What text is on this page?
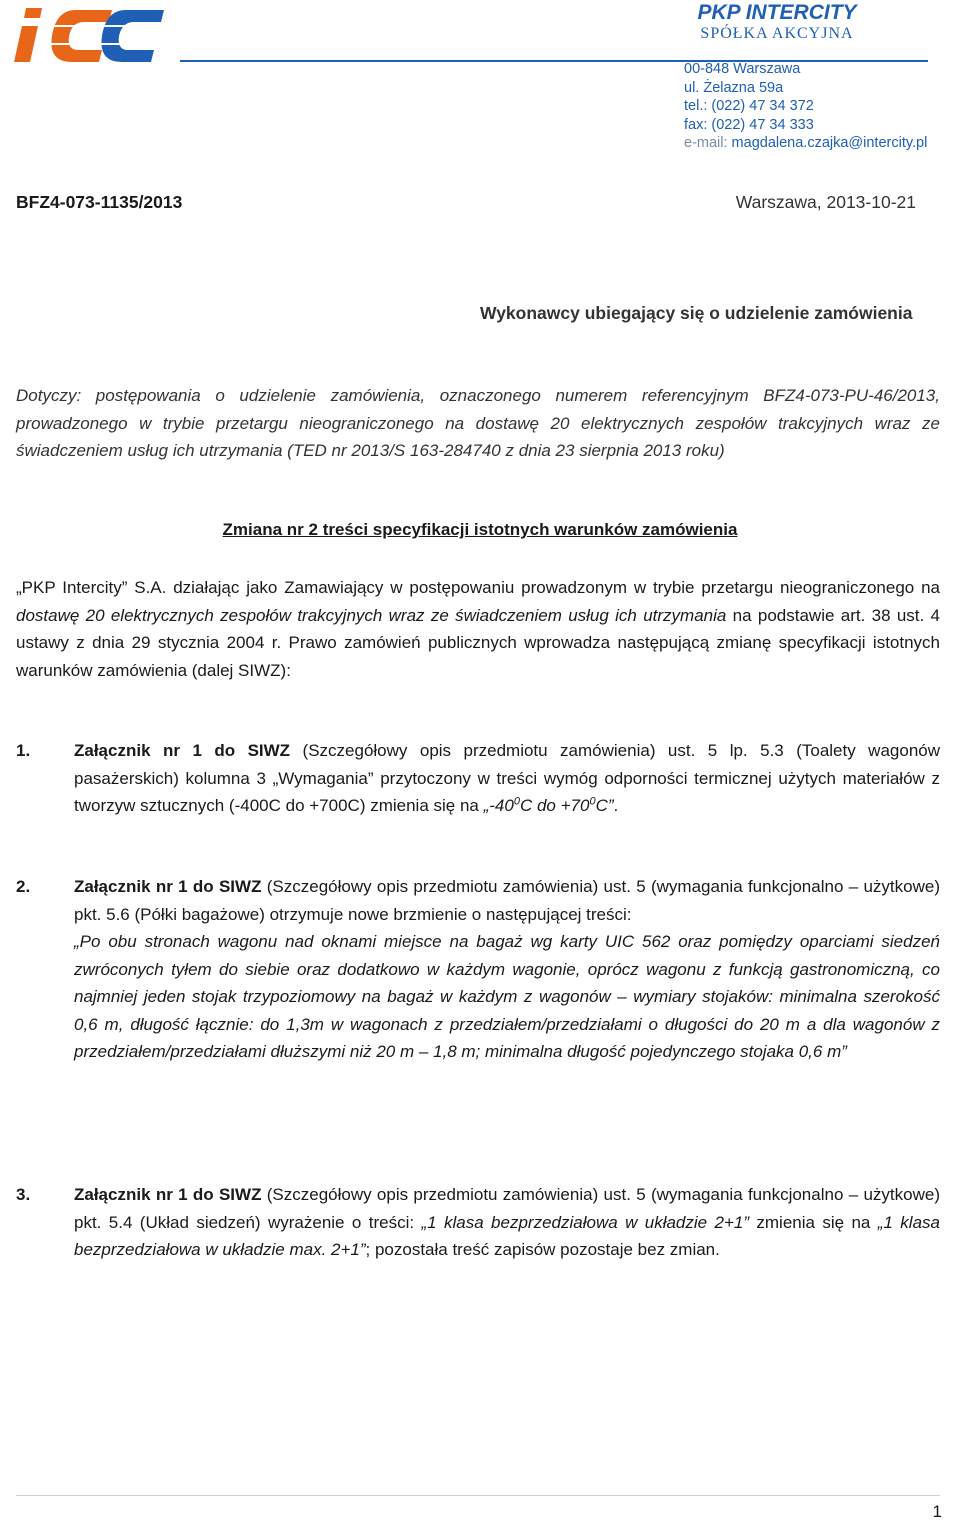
PKP INTERCITY
SPÓŁKA AKCYJNA
00-848 Warszawa
ul. Żelazna 59a
tel.: (022) 47 34 372
fax: (022) 47 34 333
e-mail: magdalena.czajka@intercity.pl
BFZ4-073-1135/2013	Warszawa, 2013-10-21
Wykonawcy ubiegający się o udzielenie zamówienia
Dotyczy: postępowania o udzielenie zamówienia, oznaczonego numerem referencyjnym BFZ4-073-PU-46/2013, prowadzonego w trybie przetargu nieograniczonego na dostawę 20 elektrycznych zespołów trakcyjnych wraz ze świadczeniem usług ich utrzymania (TED nr 2013/S 163-284740 z dnia 23 sierpnia 2013 roku)
Zmiana nr 2 treści specyfikacji istotnych warunków zamówienia
„PKP Intercity” S.A. działając jako Zamawiający w postępowaniu prowadzonym w trybie przetargu nieograniczonego na dostawę 20 elektrycznych zespołów trakcyjnych wraz ze świadczeniem usług ich utrzymania na podstawie art. 38 ust. 4 ustawy z dnia 29 stycznia 2004 r. Prawo zamówień publicznych wprowadza następującą zmianę specyfikacji istotnych warunków zamówienia (dalej SIWZ):
1.	Załącznik nr 1 do SIWZ (Szczegółowy opis przedmiotu zamówienia) ust. 5 lp. 5.3 (Toalety wagonów pasażerskich) kolumna 3 „Wymagania” przytoczony w treści wymóg odporności termicznej użytych materiałów z tworzyw sztucznych (-400C do +700C) zmienia się na $„-40^0C$ do $+70^0C$”.
2.	Załącznik nr 1 do SIWZ (Szczegółowy opis przedmiotu zamówienia) ust. 5 (wymagania funkcjonalno – użytkowe) pkt. 5.6 (Półki bagażowe) otrzymuje nowe brzmienie o następującej treści:
„Po obu stronach wagonu nad oknami miejsce na bagaż wg karty UIC 562 oraz pomiędzy oparciami siedzeń zwróconych tyłem do siebie oraz dodatkowo w każdym wagonie, oprócz wagonu z funkcją gastronomiczną, co najmniej jeden stojak trzypoziomowy na bagaż w każdym z wagonów – wymiary stojaków: minimalna szerokość 0,6 m, długość łącznie: do 1,3m w wagonach z przedziałem/przedziałami o długości do 20 m a dla wagonów z przedziałem/przedziałami dłuższymi niż 20 m – 1,8 m; minimalna długość pojedynczego stojaka 0,6 m”
3.	Załącznik nr 1 do SIWZ (Szczegółowy opis przedmiotu zamówienia) ust. 5 (wymagania funkcjonalno – użytkowe) pkt. 5.4 (Układ siedzeń) wyrażenie o treści: „1 klasa bezprzedziałowa w układzie 2+1” zmienia się na „1 klasa bezprzedziałowa w układzie max. 2+1”; pozostała treść zapisów pozostaje bez zmian.
1
